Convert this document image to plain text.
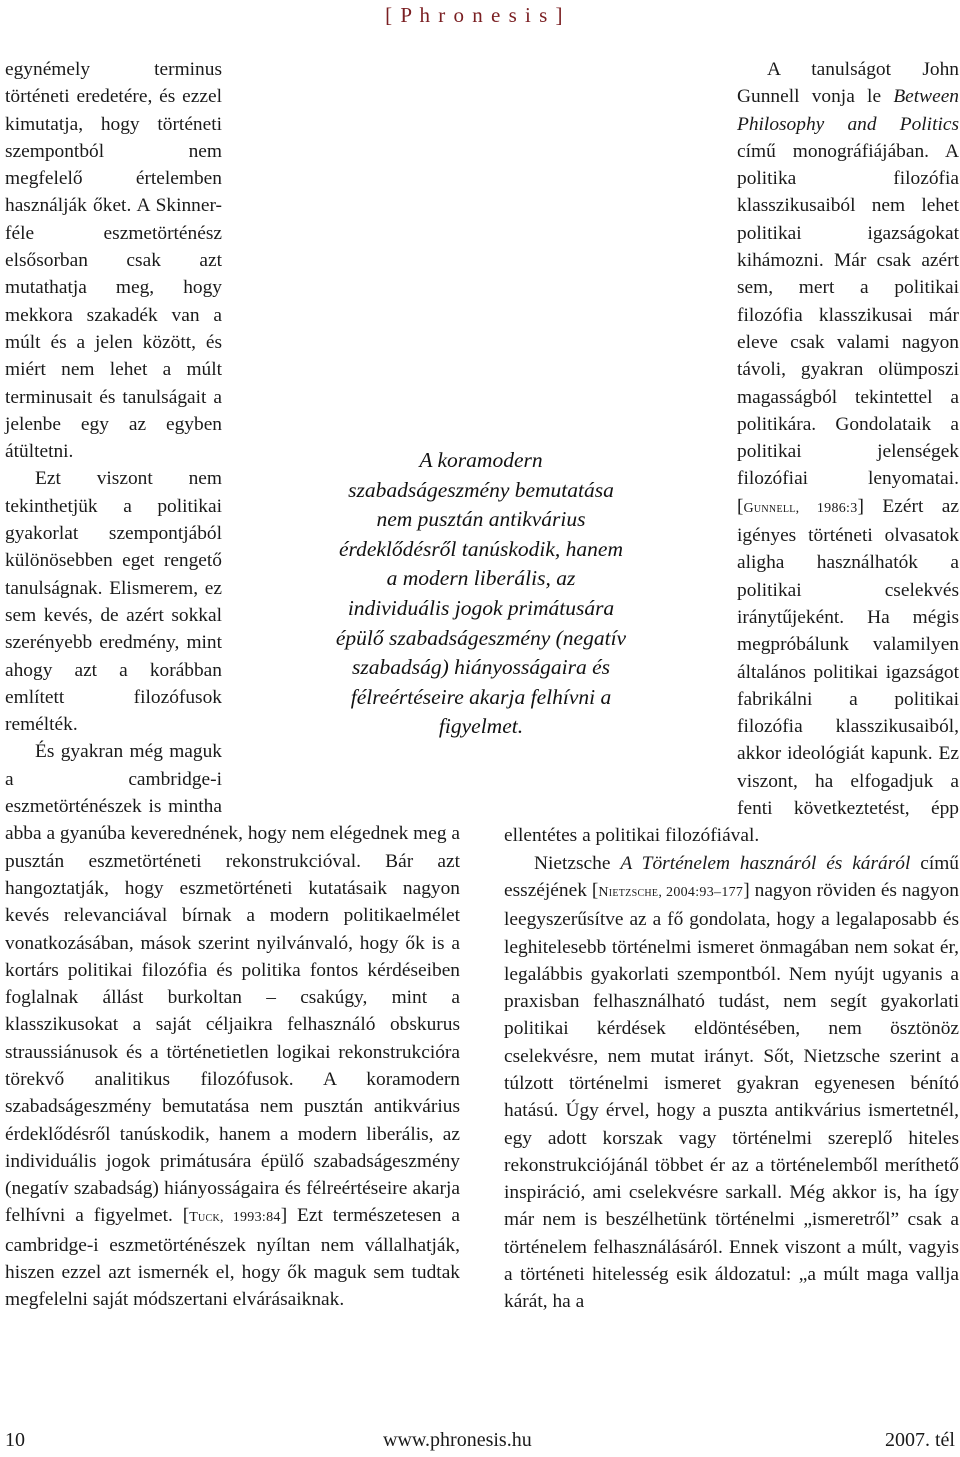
[ P h r o n e s i s ]

egynémely terminus történeti eredetére, és ezzel kimutatja, hogy történeti szempontból nem megfelelő értelemben használják őket. A Skinner-féle eszmetörténész elsősorban csak azt mutathatja meg, hogy mekkora szakadék van a múlt és a jelen között, és miért nem lehet a múlt terminusait és tanulságait a jelenbe egy az egyben átültetni.

Ezt viszont nem tekinthetjük a politikai gyakorlat szempontjából különösebben eget rengető tanulságnak. Elismerem, ez sem kevés, de azért sokkal szerényebb eredmény, mint ahogy azt a korábban említett filozófusok remélték.

És gyakran még maguk a cambridge-i eszmetörténészek is mintha abba a gyanúba keverednének, hogy nem elégednek meg a pusztán eszmetörténeti rekonstrukcióval. Bár azt hangoztatják, hogy eszmetörténeti kutatásaik nagyon kevés relevanciával bírnak a modern politikaelmélet vonatkozásában, mások szerint nyilvánvaló, hogy ők is a kortárs politikai filozófia és politika fontos kérdéseiben foglalnak állást burkoltan – csakúgy, mint a klasszikusokat a saját céljaikra felhasználó obskurus straussiánusok és a történetietlen logikai rekonstrukcióra törekvő analitikus filozófusok. A koramodern szabadságeszmény bemutatása nem pusztán antikvárius érdeklődésről tanúskodik, hanem a modern liberális, az individuális jogok primátusára épülő szabadságeszmény (negatív szabadság) hiányosságaira és félreértéseire akarja felhívni a figyelmet. [Tuck, 1993:84] Ezt természetesen a cambridge-i eszmetörténészek nyíltan nem vállalhatják, hiszen ezzel azt ismernék el, hogy ők maguk sem tudtak megfelelni saját módszertani elvárásaiknak.

A tanulságot John Gunnell vonja le Between Philosophy and Politics című monográfiájában. A politika filozófia klasszikusaiból nem lehet politikai igazságokat kihámozni. Már csak azért sem, mert a politikai filozófia klasszikusai már eleve csak valami nagyon távoli, gyakran olümposzi magasságból tekintettel a politikára. Gondolataik a politikai jelenségek filozófiai lenyomatai. [Gunnell, 1986:3] Ezért az igényes történeti olvasatok aligha használhatók a politikai cselekvés iránytűjeként. Ha mégis megpróbálunk valamilyen általános politikai igazságot fabrikálni a politikai filozófia klasszikusaiból, akkor ideológiát kapunk. Ez viszont, ha elfogadjuk a fenti következtetést, épp ellentétes a politikai filozófiával.

Nietzsche A Történelem hasznáról és káráról című esszéjének [Nietzsche, 2004:93–177] nagyon röviden és nagyon leegyszerűsítve az a fő gondolata, hogy a legalaposabb és leghitelesebb történelmi ismeret önmagában nem sokat ér, legalábbis gyakorlati szempontból. Nem nyújt ugyanis a praxisban felhasználható tudást, nem segít gyakorlati politikai kérdések eldöntésében, nem ösztönöz cselekvésre, nem mutat irányt. Sőt, Nietzsche szerint a túlzott történelmi ismeret gyakran egyenesen bénító hatású. Úgy érvel, hogy a puszta antikvárius ismertetnél, egy adott korszak vagy történelmi szereplő hiteles rekonstrukciójánál többet ér az a történelemből meríthető inspiráció, ami cselekvésre sarkall. Még akkor is, ha így már nem is beszélhetünk történelmi „ismeretről” csak a történelem felhasználásáról. Ennek viszont a múlt, vagyis a történeti hitelesség esik áldozatul: „a múlt maga vallja kárát, ha a

A koramodern
szabadságeszmény bemutatása
nem pusztán antikvárius
érdeklődésről tanúskodik, hanem
a modern liberális, az
individuális jogok primátusára
épülő szabadságeszmény (negatív
szabadság) hiányosságaira és
félreértéseire akarja felhívni a
figyelmet.
10	www.phronesis.hu	2007. tél
